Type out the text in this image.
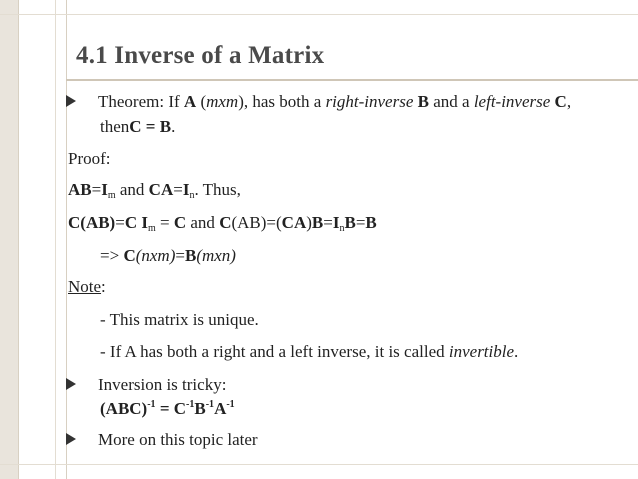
4.1 Inverse of a Matrix
Theorem: If A (mxm), has both a right-inverse B and a left-inverse C,
thenC = B.
Proof:
$AB=I_m$ and $CA=I_n$. Thus,
C(AB)=C $I_m = C$ and $C(AB)=(CA)B=I_nB=B$
=> C(nxm)=B(mxn)
Note:
- This matrix is unique.
- If A has both a right and a left inverse, it is called invertible.
Inversion is tricky:
$(ABC)^{-1} = C^{-1}B^{-1}A^{-1}$
More on this topic later
